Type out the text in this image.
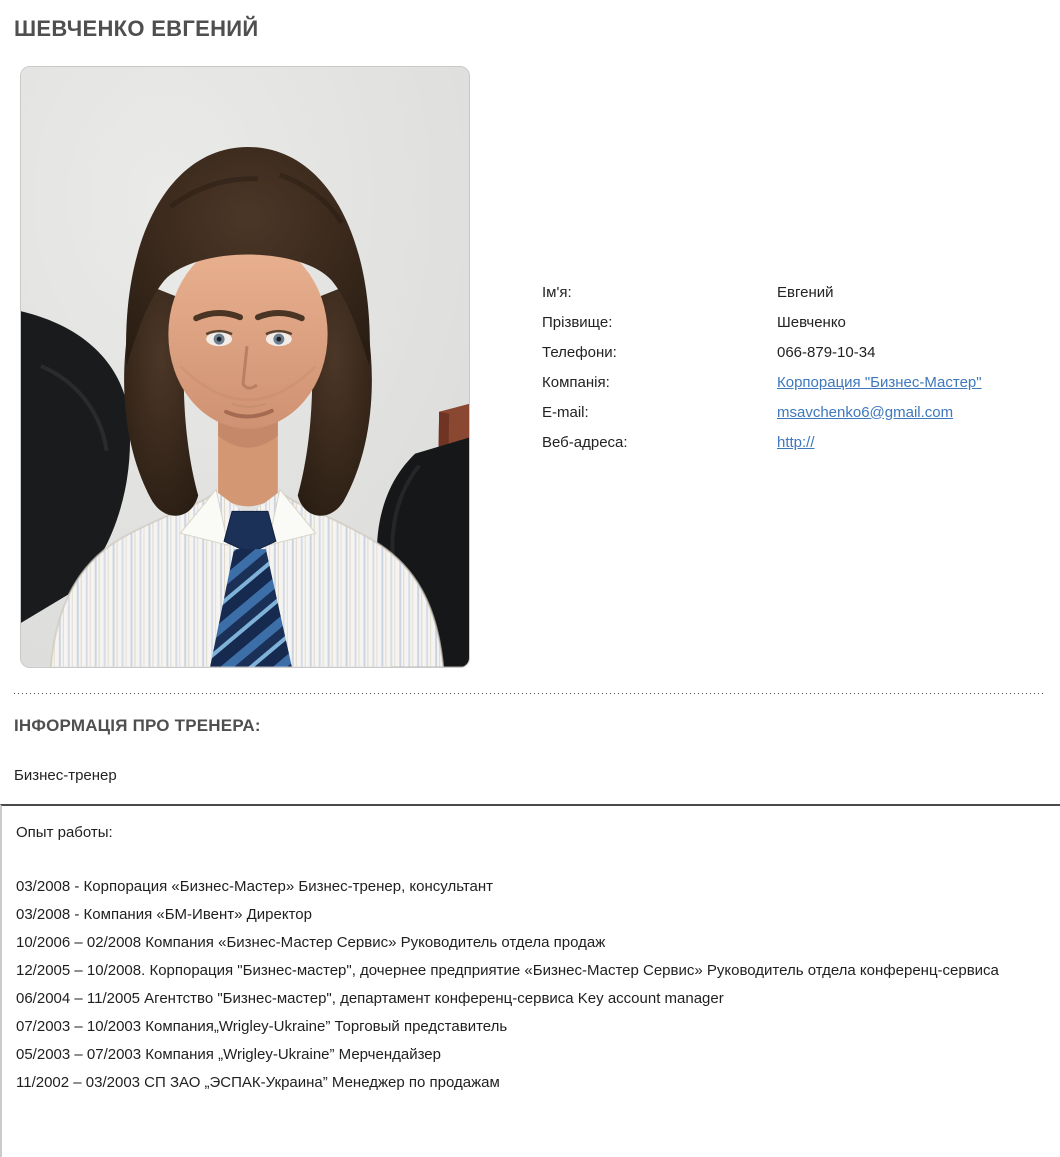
ШЕВЧЕНКО ЕВГЕНИЙ
Ім'я:	Евгений
Прізвище:	Шевченко
Телефони:	066-879-10-34
Компанія:	Корпорация "Бизнес-Мастер"
E-mail:	msavchenko6@gmail.com
Веб-адреса:	http://
ІНФОРМАЦІЯ ПРО ТРЕНЕРА:
Бизнес-тренер
Опыт работы:
03/2008 - Корпорация «Бизнес-Мастер» Бизнес-тренер, консультант
03/2008 - Компания «БМ-Ивент» Директор
10/2006 – 02/2008 Компания «Бизнес-Мастер Сервис» Руководитель отдела продаж
12/2005 – 10/2008. Корпорация "Бизнес-мастер", дочернее предприятие «Бизнес-Мастер Сервис» Руководитель отдела конференц-сервиса
06/2004 – 11/2005 Агентство "Бизнес-мастер", департамент конференц-сервиса Key account manager
07/2003 – 10/2003 Компания„Wrigley-Ukraine” Торговый представитель
05/2003 – 07/2003 Компания „Wrigley-Ukraine” Мерчендайзер
11/2002 – 03/2003 СП ЗАО „ЭСПАК-Украина” Менеджер по продажам
